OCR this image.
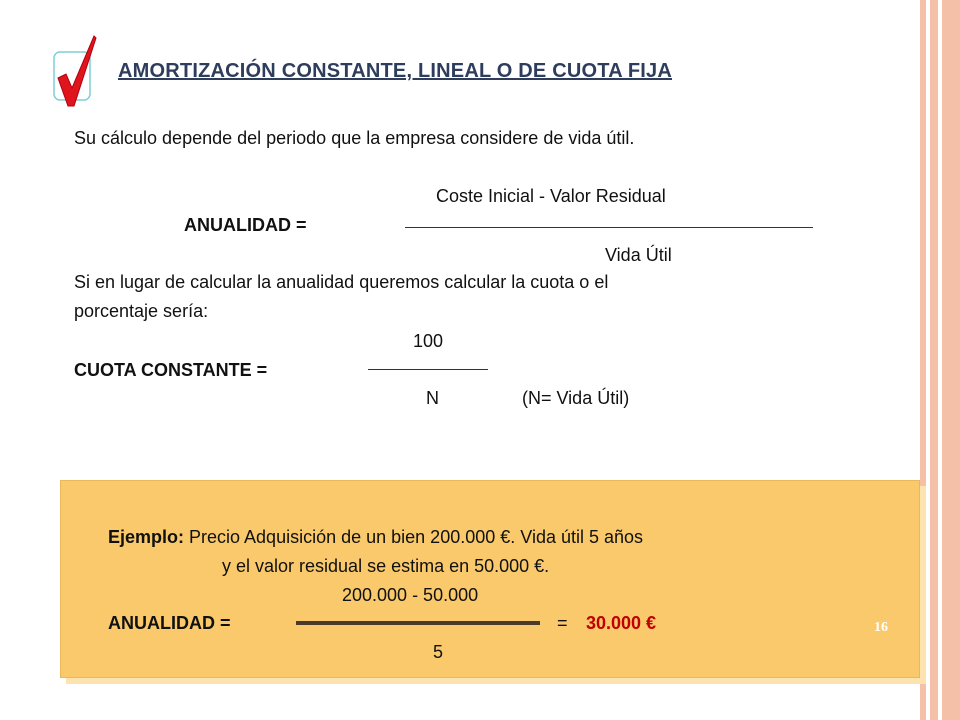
AMORTIZACIÓN CONSTANTE, LINEAL O DE CUOTA FIJA
Su cálculo depende del periodo que la empresa considere de vida útil.
Coste Inicial - Valor Residual
ANUALIDAD =
Vida Útil
Si en lugar de calcular la anualidad queremos calcular la cuota o el
porcentaje sería:
100
CUOTA CONSTANTE =
N	(N= Vida Útil)
Ejemplo: Precio Adquisición de un bien 200.000 €. Vida útil 5 años
y el valor residual se estima en 50.000 €.
200.000 - 50.000
ANUALIDAD =	= 30.000 €
5
16
